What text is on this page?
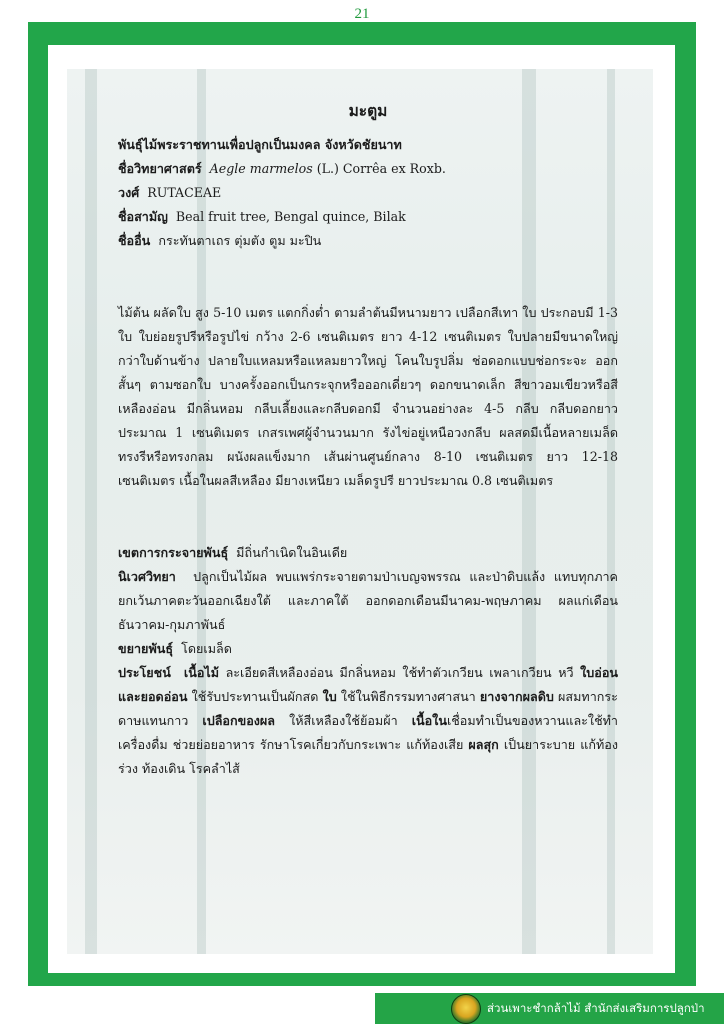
21

มะตูม

พันธุ์ไม้พระราชทานเพื่อปลูกเป็นมงคล จังหวัดชัยนาท

ชื่อวิทยาศาสตร์ Aegle marmelos (L.) Corrêa ex Roxb.

วงศ์ RUTACEAE

ชื่อสามัญ Beal fruit tree, Bengal quince, Bilak

ชื่ออื่น กระทันตาเถร ตุ่มตัง ตูม มะปิน

ไม้ต้น ผลัดใบ สูง 5-10 เมตร แตกกิ่งต่ำ ตามลำต้นมีหนามยาว เปลือกสีเทา ใบ ประกอบมี 1-3 ใบ ใบย่อยรูปรีหรือรูปไข่ กว้าง 2-6 เซนติเมตร ยาว 4-12 เซนติเมตร ใบปลายมีขนาดใหญ่กว่าใบด้านข้าง ปลายใบแหลมหรือแหลมยาวใหญ่ โคนใบรูปลิ่ม ช่อดอกแบบช่อกระจะ ออกสั้นๆ ตามซอกใบ บางครั้งออกเป็นกระจุกหรือออกเดี่ยวๆ ดอกขนาดเล็ก สีขาวอมเขียวหรือสีเหลืองอ่อน มีกลิ่นหอม กลีบเลี้ยงและกลีบดอกมี จำนวนอย่างละ 4-5 กลีบ กลีบดอกยาวประมาณ 1 เซนติเมตร เกสรเพศผู้จำนวนมาก รังไข่อยู่เหนือวงกลีบ ผลสดมีเนื้อหลายเมล็ด ทรงรีหรือทรงกลม ผนังผลแข็งมาก เส้นผ่านศูนย์กลาง 8-10 เซนติเมตร ยาว 12-18 เซนติเมตร เนื้อในผลสีเหลือง มียางเหนียว เมล็ดรูปรี ยาวประมาณ 0.8 เซนติเมตร

เขตการกระจายพันธุ์ มีถิ่นกำเนิดในอินเดีย

นิเวศวิทยา ปลูกเป็นไม้ผล พบแพร่กระจายตามป่าเบญจพรรณ และป่าดิบแล้ง แทบทุกภาค ยกเว้นภาคตะวันออกเฉียงใต้ และภาคใต้ ออกดอกเดือนมีนาคม-พฤษภาคม ผลแก่เดือนธันวาคม-กุมภาพันธ์

ขยายพันธุ์ โดยเมล็ด

ประโยชน์ เนื้อไม้ ละเอียดสีเหลืองอ่อน มีกลิ่นหอม ใช้ทำตัวเกวียน เพลาเกวียน หวี ใบอ่อนและยอดอ่อน ใช้รับประทานเป็นผักสด ใบ ใช้ในพิธีกรรมทางศาสนา ยางจากผลดิบ ผสมทากระดาษแทนกาว เปลือกของผล ให้สีเหลืองใช้ย้อมผ้า เนื้อในเชื่อมทำเป็นของหวานและใช้ทำเครื่องดื่ม ช่วยย่อยอาหาร รักษาโรคเกี่ยวกับกระเพาะ แก้ท้องเสีย ผลสุก เป็นยาระบาย แก้ท้องร่วง ท้องเดิน โรคลำไส้

ส่วนเพาะชำกล้าไม้ สำนักส่งเสริมการปลูกป่า
